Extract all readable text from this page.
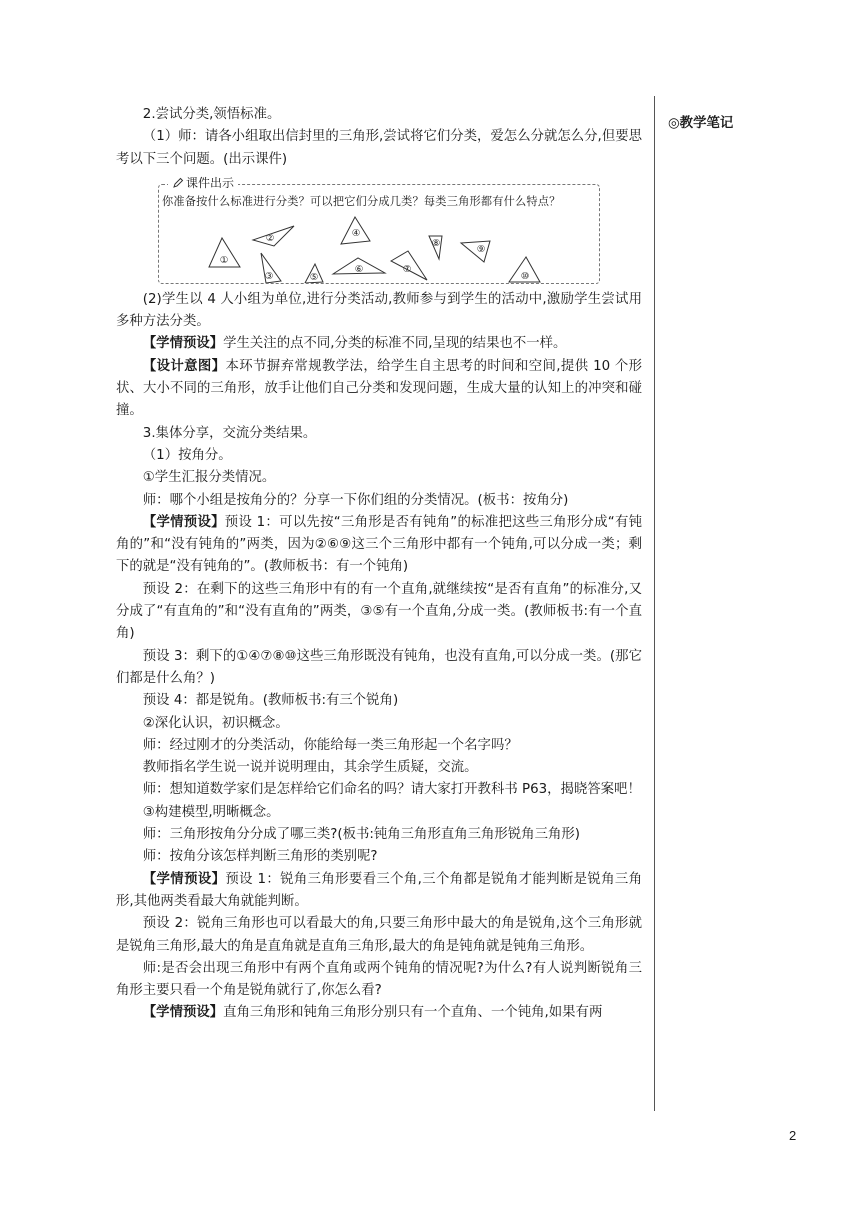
◎教学笔记

2.尝试分类,领悟标准。

（1）师：请各小组取出信封里的三角形,尝试将它们分类，爱怎么分就怎么分,但要思考以下三个问题。(出示课件)

课件出示
你准备按什么标准进行分类？可以把它们分成几类？每类三角形都有什么特点？
①
②
③
④
⑤
⑥	⑦
⑧
⑨
⑩

(2)学生以 4 人小组为单位,进行分类活动,教师参与到学生的活动中,激励学生尝试用多种方法分类。

【学情预设】学生关注的点不同,分类的标准不同,呈现的结果也不一样。

【设计意图】本环节摒弃常规教学法，给学生自主思考的时间和空间,提供 10 个形状、大小不同的三角形，放手让他们自己分类和发现问题，生成大量的认知上的冲突和碰撞。

3.集体分享，交流分类结果。

（1）按角分。

①学生汇报分类情况。

师：哪个小组是按角分的？分享一下你们组的分类情况。(板书：按角分)

【学情预设】预设 1：可以先按“三角形是否有钝角”的标准把这些三角形分成“有钝角的”和“没有钝角的”两类，因为②⑥⑨这三个三角形中都有一个钝角,可以分成一类；剩下的就是“没有钝角的”。(教师板书：有一个钝角)

预设 2：在剩下的这些三角形中有的有一个直角,就继续按“是否有直角”的标准分,又分成了“有直角的”和“没有直角的”两类，③⑤有一个直角,分成一类。(教师板书:有一个直角)

预设 3：剩下的①④⑦⑧⑩这些三角形既没有钝角，也没有直角,可以分成一类。(那它们都是什么角？)

预设 4：都是锐角。(教师板书:有三个锐角)

②深化认识，初识概念。

师：经过刚才的分类活动，你能给每一类三角形起一个名字吗？

教师指名学生说一说并说明理由，其余学生质疑，交流。

师：想知道数学家们是怎样给它们命名的吗？请大家打开教科书 P63，揭晓答案吧！

③构建模型,明晰概念。

师：三角形按角分分成了哪三类?(板书:钝角三角形直角三角形锐角三角形)

师：按角分该怎样判断三角形的类别呢?

【学情预设】预设 1：锐角三角形要看三个角,三个角都是锐角才能判断是锐角三角形,其他两类看最大角就能判断。

预设 2：锐角三角形也可以看最大的角,只要三角形中最大的角是锐角,这个三角形就是锐角三角形,最大的角是直角就是直角三角形,最大的角是钝角就是钝角三角形。

师:是否会出现三角形中有两个直角或两个钝角的情况呢?为什么?有人说判断锐角三角形主要只看一个角是锐角就行了,你怎么看?

【学情预设】直角三角形和钝角三角形分别只有一个直角、一个钝角,如果有两

2
